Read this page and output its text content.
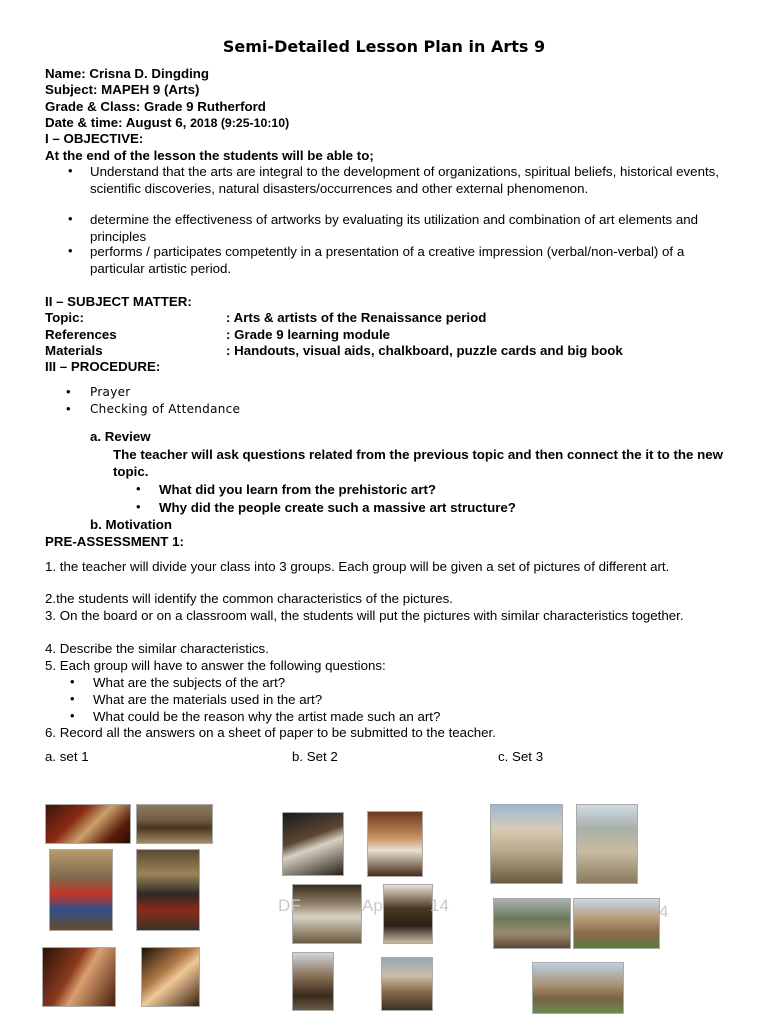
Semi-Detailed Lesson Plan in Arts 9
Name: Crisna D. Dingding
Subject: MAPEH 9 (Arts)
Grade & Class: Grade 9 Rutherford
Date & time: August 6, 2018 (9:25-10:10)
I – OBJECTIVE:
At the end of the lesson the students will be able to;
• Understand that the arts are integral to the development of organizations, spiritual beliefs, historical events, scientific discoveries, natural disasters/occurrences and other external phenomenon.
• determine the effectiveness of artworks by evaluating its utilization and combination of art elements and principles
• performs / participates competently in a presentation of a creative impression (verbal/non-verbal) of a particular artistic period.
II – SUBJECT MATTER:
Topic:	: Arts & artists of the Renaissance period
References	: Grade 9 learning module
Materials	: Handouts, visual aids, chalkboard, puzzle cards and big book
III – PROCEDURE:
• Prayer
• Checking of Attendance
a. Review
The teacher will ask questions related from the previous topic and then connect the it to the new topic.
• What did you learn from the prehistoric art?
• Why did the people create such a massive art structure?
b. Motivation
PRE-ASSESSMENT 1:
1. the teacher will divide your class into 3 groups. Each group will be given a set of pictures of different art.
2.the students will identify the common characteristics of the pictures.
3. On the board or on a classroom wall, the students will put the pictures with similar characteristics together.
4. Describe the similar characteristics.
5. Each group will have to answer the following questions:
• What are the subjects of the art?
• What are the materials used in the art?
• What could be the reason why the artist made such an art?
6. Record all the answers on a sheet of paper to be submitted to the teacher.
a. set 1	b. Set 2	c. Set 3
DF	Ap	14	4
